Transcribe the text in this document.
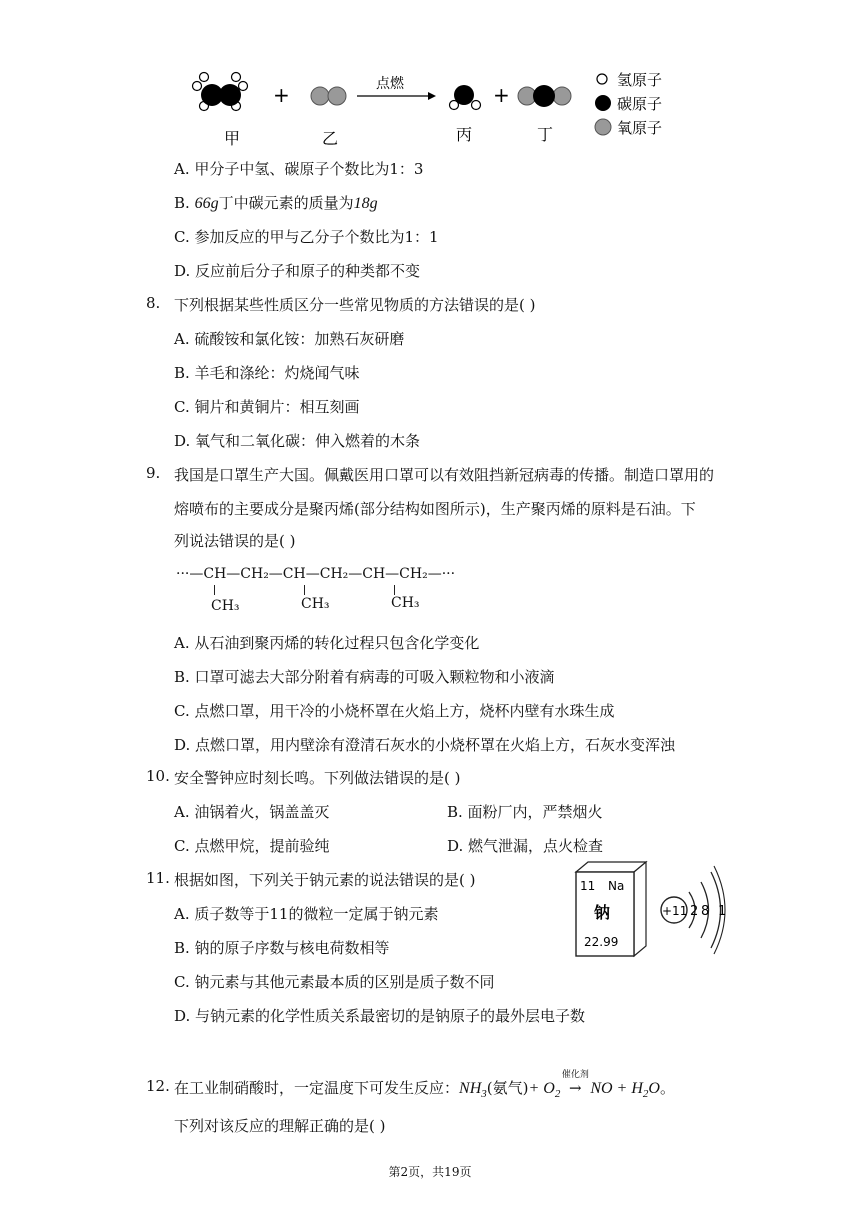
+	点燃	+
甲	乙	丙	丁
氢原子
碳原子
氧原子
A. 甲分子中氢、碳原子个数比为1：3
B. 66g丁中碳元素的质量为18g
C. 参加反应的甲与乙分子个数比为1：1
D. 反应前后分子和原子的种类都不变
8. 下列根据某些性质区分一些常见物质的方法错误的是( )
A. 硫酸铵和氯化铵：加熟石灰研磨
B. 羊毛和涤纶：灼烧闻气味
C. 铜片和黄铜片：相互刻画
D. 氧气和二氧化碳：伸入燃着的木条
9. 我国是口罩生产大国。佩戴医用口罩可以有效阻挡新冠病毒的传播。制造口罩用的
熔喷布的主要成分是聚丙烯(部分结构如图所示)，生产聚丙烯的原料是石油。下
列说法错误的是( )
···—CH—CH₂—CH—CH₂—CH—CH₂—···
CH₃	CH₃	CH₃
A. 从石油到聚丙烯的转化过程只包含化学变化
B. 口罩可滤去大部分附着有病毒的可吸入颗粒物和小液滴
C. 点燃口罩，用干冷的小烧杯罩在火焰上方，烧杯内壁有水珠生成
D. 点燃口罩，用内壁涂有澄清石灰水的小烧杯罩在火焰上方，石灰水变浑浊
10. 安全警钟应时刻长鸣。下列做法错误的是( )
A. 油锅着火，锅盖盖灭	B. 面粉厂内，严禁烟火
C. 点燃甲烷，提前验纯	D. 燃气泄漏，点火检查
11. 根据如图，下列关于钠元素的说法错误的是( )
A. 质子数等于11的微粒一定属于钠元素
B. 钠的原子序数与核电荷数相等
C. 钠元素与其他元素最本质的区别是质子数不同
D. 与钠元素的化学性质关系最密切的是钠原子的最外层电子数
11 Na
钠
22.99
+11 2 8 1
12. 在工业制硝酸时，一定温度下可发生反应：$NH_3$(氨气)+ $O_2$
催化剂
→ NO + $H_2O$。
下列对该反应的理解正确的是( )
第2页，共19页
